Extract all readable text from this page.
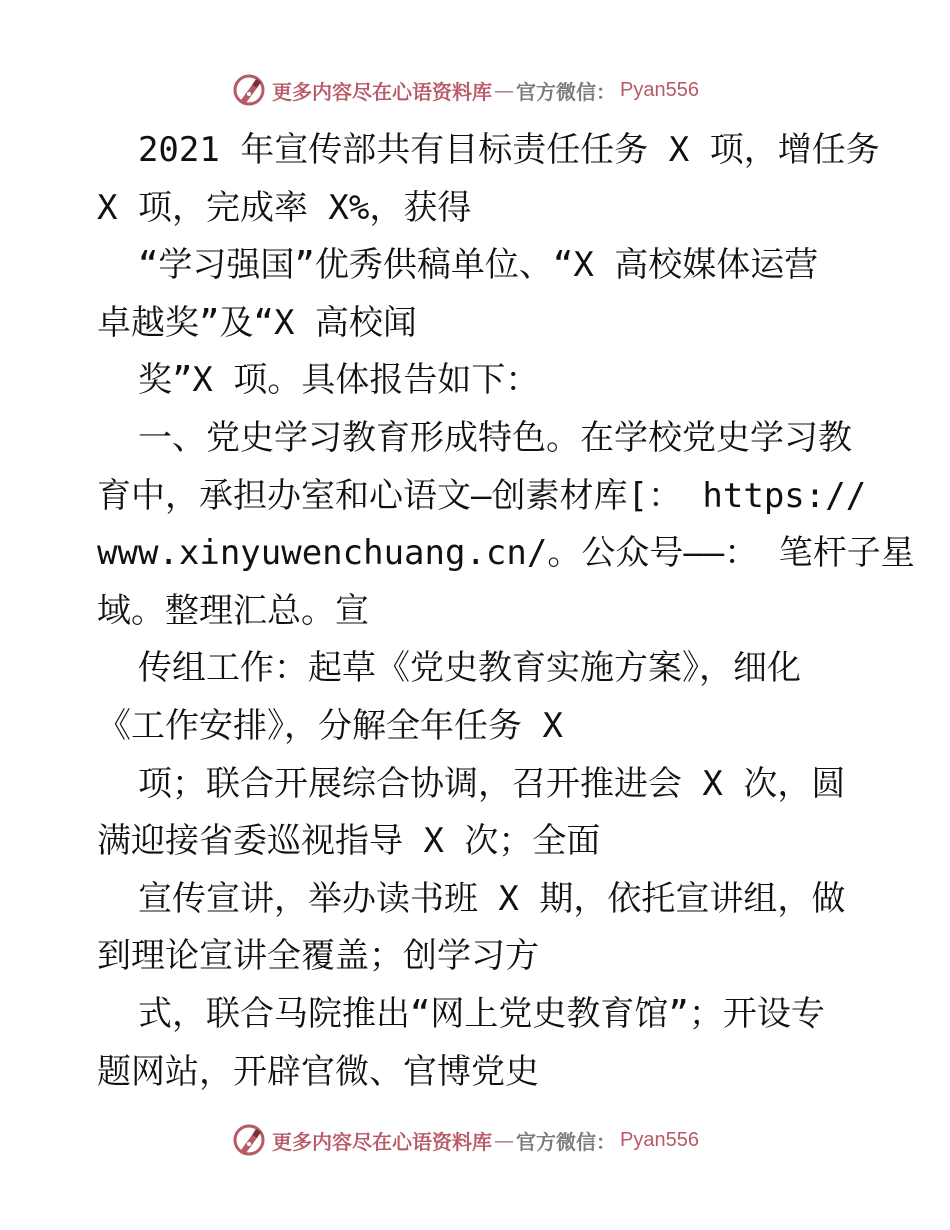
更多内容尽在心语资料库 — 官方微信： Pyan556
2021 年宣传部共有目标责任任务 X 项，增任务
X 项，完成率 X%，获得
“学习强国”优秀供稿单位、“X 高校媒体运营
卓越奖”及“X 高校闻
奖”X 项。具体报告如下：
一、党史学习教育形成特色。在学校党史学习教
育中，承担办室和心语文—创素材库[： https://
www.xinyuwenchuang.cn/。公众号——： 笔杆子星
域。整理汇总。宣
传组工作：起草《党史教育实施方案》，细化
《工作安排》，分解全年任务 X
项；联合开展综合协调，召开推进会 X 次，圆
满迎接省委巡视指导 X 次；全面
宣传宣讲，举办读书班 X 期，依托宣讲组，做
到理论宣讲全覆盖；创学习方
式，联合马院推出“网上党史教育馆”；开设专
题网站，开辟官微、官博党史
更多内容尽在心语资料库 — 官方微信： Pyan556
